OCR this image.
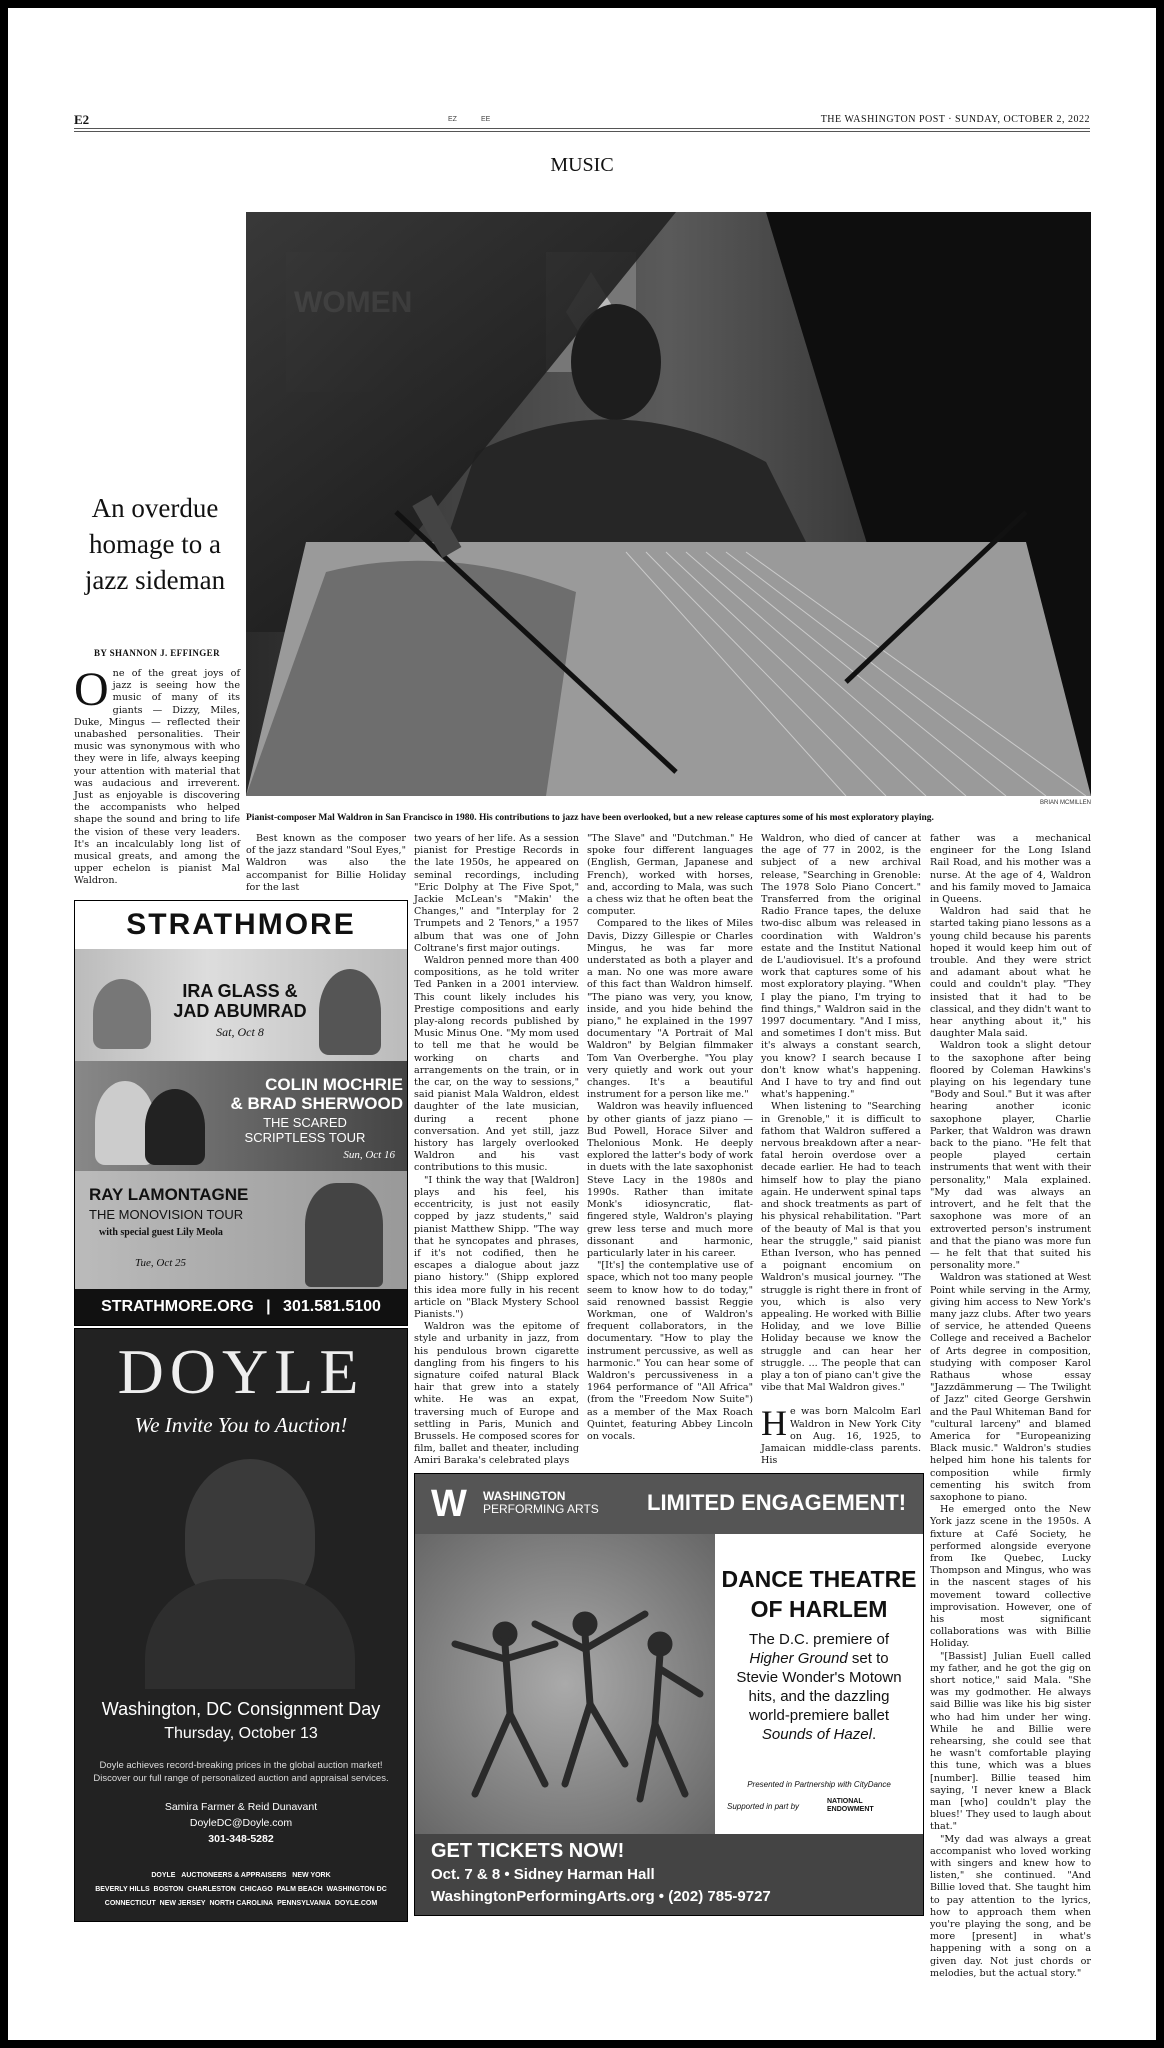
E2	EZ	EE	THE WASHINGTON POST · SUNDAY, OCTOBER 2, 2022
MUSIC
BRIAN MCMILLEN
Pianist-composer Mal Waldron in San Francisco in 1980. His contributions to jazz have been overlooked, but a new release captures some of his most exploratory playing.
An overdue homage to a jazz sideman
BY SHANNON J. EFFINGER

One of the great joys of jazz is seeing how the music of many of its giants — Dizzy, Miles, Duke, Mingus — reflected their unabashed personalities. Their music was synonymous with who they were in life, always keeping your attention with material that was audacious and irreverent. Just as enjoyable is discovering the accompanists who helped shape the sound and bring to life the vision of these very leaders. It's an incalculably long list of musical greats, and among the upper echelon is pianist Mal Waldron.

Best known as the composer of the jazz standard "Soul Eyes," Waldron was also the accompanist for Billie Holiday for the last

two years of her life. As a session pianist for Prestige Records in the late 1950s, he appeared on seminal recordings, including "Eric Dolphy at The Five Spot," Jackie McLean's "Makin' the Changes," and "Interplay for 2 Trumpets and 2 Tenors," a 1957 album that was one of John Coltrane's first major outings.

Waldron penned more than 400 compositions, as he told writer Ted Panken in a 2001 interview. This count likely includes his Prestige compositions and early play-along records published by Music Minus One. "My mom used to tell me that he would be working on charts and arrangements on the train, or in the car, on the way to sessions," said pianist Mala Waldron, eldest daughter of the late musician, during a recent phone conversation. And yet still, jazz history has largely overlooked Waldron and his vast contributions to this music.

"I think the way that [Waldron] plays and his feel, his eccentricity, is just not easily copped by jazz students," said pianist Matthew Shipp. "The way that he syncopates and phrases, if it's not codified, then he escapes a dialogue about jazz piano history." (Shipp explored this idea more fully in his recent article on "Black Mystery School Pianists.")

Waldron was the epitome of style and urbanity in jazz, from his pendulous brown cigarette dangling from his fingers to his signature coifed natural Black hair that grew into a stately white. He was an expat, traversing much of Europe and settling in Paris, Munich and Brussels. He composed scores for film, ballet and theater, including Amiri Baraka's celebrated plays

"The Slave" and "Dutchman." He spoke four different languages (English, German, Japanese and French), worked with horses, and, according to Mala, was such a chess wiz that he often beat the computer.

Compared to the likes of Miles Davis, Dizzy Gillespie or Charles Mingus, he was far more understated as both a player and a man. No one was more aware of this fact than Waldron himself. "The piano was very, you know, inside, and you hide behind the piano," he explained in the 1997 documentary "A Portrait of Mal Waldron" by Belgian filmmaker Tom Van Overberghe. "You play very quietly and work out your changes. It's a beautiful instrument for a person like me."

Waldron was heavily influenced by other giants of jazz piano — Bud Powell, Horace Silver and Thelonious Monk. He deeply explored the latter's body of work in duets with the late saxophonist Steve Lacy in the 1980s and 1990s. Rather than imitate Monk's idiosyncratic, flat-fingered style, Waldron's playing grew less terse and much more dissonant and harmonic, particularly later in his career.

"[It's] the contemplative use of space, which not too many people seem to know how to do today," said renowned bassist Reggie Workman, one of Waldron's frequent collaborators, in the documentary. "How to play the instrument percussive, as well as harmonic." You can hear some of Waldron's percussiveness in a 1964 performance of "All Africa" (from the "Freedom Now Suite") as a member of the Max Roach Quintet, featuring Abbey Lincoln on vocals.

Waldron, who died of cancer at the age of 77 in 2002, is the subject of a new archival release, "Searching in Grenoble: The 1978 Solo Piano Concert." Transferred from the original Radio France tapes, the deluxe two-disc album was released in coordination with Waldron's estate and the Institut National de L'audiovisuel. It's a profound work that captures some of his most exploratory playing. "When I play the piano, I'm trying to find things," Waldron said in the 1997 documentary. "And I miss, and sometimes I don't miss. But it's always a constant search, you know? I search because I don't know what's happening. And I have to try and find out what's happening."

When listening to "Searching in Grenoble," it is difficult to fathom that Waldron suffered a nervous breakdown after a near-fatal heroin overdose over a decade earlier. He had to teach himself how to play the piano again. He underwent spinal taps and shock treatments as part of his physical rehabilitation. "Part of the beauty of Mal is that you hear the struggle," said pianist Ethan Iverson, who has penned a poignant encomium on Waldron's musical journey. "The struggle is right there in front of you, which is also very appealing. He worked with Billie Holiday, and we love Billie Holiday because we know the struggle and can hear her struggle. ... The people that can play a ton of piano can't give the vibe that Mal Waldron gives."

He was born Malcolm Earl Waldron in New York City on Aug. 16, 1925, to Jamaican middle-class parents. His

father was a mechanical engineer for the Long Island Rail Road, and his mother was a nurse. At the age of 4, Waldron and his family moved to Jamaica in Queens.

Waldron had said that he started taking piano lessons as a young child because his parents hoped it would keep him out of trouble. And they were strict and adamant about what he could and couldn't play. "They insisted that it had to be classical, and they didn't want to hear anything about it," his daughter Mala said.

Waldron took a slight detour to the saxophone after being floored by Coleman Hawkins's playing on his legendary tune "Body and Soul." But it was after hearing another iconic saxophone player, Charlie Parker, that Waldron was drawn back to the piano. "He felt that people played certain instruments that went with their personality," Mala explained. "My dad was always an introvert, and he felt that the saxophone was more of an extroverted person's instrument and that the piano was more fun — he felt that that suited his personality more."

Waldron was stationed at West Point while serving in the Army, giving him access to New York's many jazz clubs. After two years of service, he attended Queens College and received a Bachelor of Arts degree in composition, studying with composer Karol Rathaus whose essay "Jazzdämmerung — The Twilight of Jazz" cited George Gershwin and the Paul Whiteman Band for "cultural larceny" and blamed America for "Europeanizing Black music." Waldron's studies helped him hone his talents for composition while firmly cementing his switch from saxophone to piano.

He emerged onto the New York jazz scene in the 1950s. A fixture at Café Society, he performed alongside everyone from Ike Quebec, Lucky Thompson and Mingus, who was in the nascent stages of his movement toward collective improvisation. However, one of his most significant collaborations was with Billie Holiday.

"[Bassist] Julian Euell called my father, and he got the gig on short notice," said Mala. "She was my godmother. He always said Billie was like his big sister who had him under her wing. While he and Billie were rehearsing, she could see that he wasn't comfortable playing this tune, which was a blues [number]. Billie teased him saying, 'I never knew a Black man [who] couldn't play the blues!' They used to laugh about that."

"My dad was always a great accompanist who loved working with singers and knew how to listen," she continued. "And Billie loved that. She taught him to pay attention to the lyrics, how to approach them when you're playing the song, and be more [present] in what's happening with a song on a given day. Not just chords or melodies, but the actual story."

STRATHMORE
IRA GLASS &
JAD ABUMRAD
Sat, Oct 8
COLIN MOCHRIE
& BRAD SHERWOOD
THE SCARED
SCRIPTLESS TOUR
Sun, Oct 16
RAY LAMONTAGNE
THE MONOVISION TOUR
with special guest Lily Meola
Tue, Oct 25
STRATHMORE.ORG | 301.581.5100
DOYLE
We Invite You to Auction!
Washington, DC Consignment Day
Thursday, October 13
Doyle achieves record-breaking prices in the global auction market!
Discover our full range of personalized auction and appraisal services.
Samira Farmer & Reid Dunavant
DoyleDC@Doyle.com
301-348-5282
DOYLE AUCTIONEERS & APPRAISERS NEW YORK
BEVERLY HILLS BOSTON CHARLESTON CHICAGO PALM BEACH WASHINGTON DC
CONNECTICUT NEW JERSEY NORTH CAROLINA PENNSYLVANIA DOYLE.COM
W WASHINGTON
PERFORMING ARTS LIMITED ENGAGEMENT!
DANCE THEATRE
OF HARLEM
The D.C. premiere of
Higher Ground set to
Stevie Wonder's Motown
hits, and the dazzling
world-premiere ballet
Sounds of Hazel.
Presented in Partnership with CityDance
Supported in part by
NATIONAL
ENDOWMENT
GET TICKETS NOW!
Oct. 7 & 8 • Sidney Harman Hall
WashingtonPerformingArts.org • (202) 785-9727
